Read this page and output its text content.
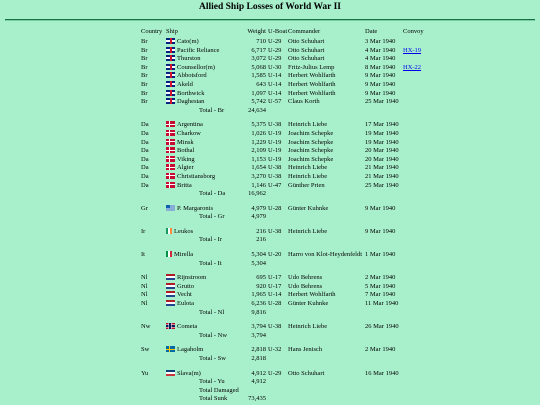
Allied Ship Losses of World War II
Country	Ship	Weight	U-Boat	Commander	Date	Convoy
Br	Cato(m)	710	U-29	Otto Schuhart	3 Mar 1940	
Br	Pacific Reliance	6,717	U-29	Otto Schuhart	4 Mar 1940	HX-19
Br	Thurston	3,072	U-29	Otto Schuhart	4 Mar 1940	
Br	Counsellor(m)	5,068	U-30	Fritz-Julius Lemp	8 Mar 1940	HX-22
Br	Abbotsford	1,585	U-14	Herbert Wohlfarth	9 Mar 1940	
Br	Akeld	643	U-14	Herbert Wohlfarth	9 Mar 1940	
Br	Borthwick	1,097	U-14	Herbert Wohlfarth	9 Mar 1940	
Br	Daghestan	5,742	U-57	Claus Korth	25 Mar 1940	
	Total - Br	24,634				

Da	Argentina	5,375	U-38	Heinrich Liebe	17 Mar 1940	
Da	Charkow	1,026	U-19	Joachim Schepke	19 Mar 1940	
Da	Minsk	1,229	U-19	Joachim Schepke	19 Mar 1940	
Da	Bothal	2,109	U-19	Joachim Schepke	20 Mar 1940	
Da	Viking	1,153	U-19	Joachim Schepke	20 Mar 1940	
Da	Algier	1,654	U-38	Heinrich Liebe	21 Mar 1940	
Da	Christiansborg	3,270	U-38	Heinrich Liebe	21 Mar 1940	
Da	Britta	1,146	U-47	Günther Prien	25 Mar 1940	
	Total - Da	16,962				

Gr	P. Margaronis	4,979	U-28	Günter Kuhnke	9 Mar 1940	
	Total - Gr	4,979				

Ir	Leukos	216	U-38	Heinrich Liebe	9 Mar 1940	
	Total - Ir	216				

It	Mirella	5,304	U-20	Harro von Klot-Heydenfeldt	1 Mar 1940	
	Total - It	5,304				

Nl	Rijnstroom	695	U-17	Udo Behrens	2 Mar 1940	
Nl	Grutto	920	U-17	Udo Behrens	5 Mar 1940	
Nl	Vecht	1,965	U-14	Herbert Wohlfarth	7 Mar 1940	
Nl	Eulota	6,236	U-28	Günter Kuhnke	11 Mar 1940	
	Total - Nl	9,816				

Nw	Cometa	3,794	U-38	Heinrich Liebe	26 Mar 1940	
	Total - Nw	3,794				

Sw	Lagaholm	2,818	U-32	Hans Jenisch	2 Mar 1940	
	Total - Sw	2,818				

Yu	Slava(m)	4,912	U-29	Otto Schuhart	16 Mar 1940	
	Total - Yu	4,912				
	Total Damaged					
	Total Sunk	73,435				
